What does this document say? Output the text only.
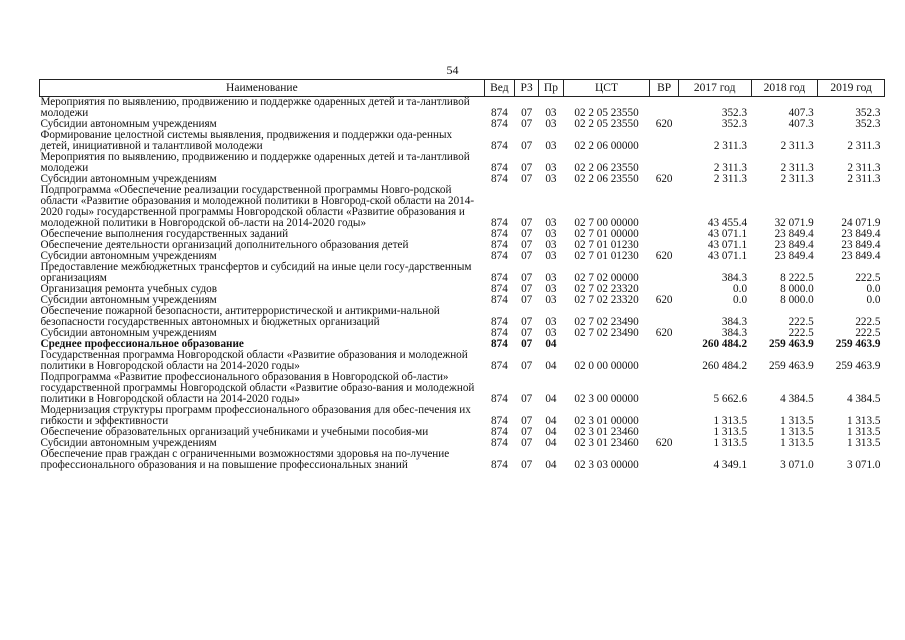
54
Наименование	Вед	РЗ	Пр	ЦСТ	ВР	2017 год	2018 год	2019 год
Мероприятия по выявлению, продвижению и поддержке одаренных детей и та-лантливой молодежи	874	07	03	02 2 05 23550		352.3	407.3	352.3
Субсидии автономным учреждениям	874	07	03	02 2 05 23550	620	352.3	407.3	352.3
Формирование целостной системы выявления, продвижения и поддержки ода-ренных детей, инициативной и талантливой молодежи	874	07	03	02 2 06 00000		2 311.3	2 311.3	2 311.3
Мероприятия по выявлению, продвижению и поддержке одаренных детей и та-лантливой молодежи	874	07	03	02 2 06 23550		2 311.3	2 311.3	2 311.3
Субсидии автономным учреждениям	874	07	03	02 2 06 23550	620	2 311.3	2 311.3	2 311.3
Подпрограмма «Обеспечение реализации государственной программы Новго-родской области «Развитие образования и молодежной политики в Новгород-ской области на 2014-2020 годы» государственной программы Новгородской области «Развитие образования и молодежной политики в Новгородской об-ласти на 2014-2020 годы»	874	07	03	02 7 00 00000		43 455.4	32 071.9	24 071.9
Обеспечение выполнения государственных заданий	874	07	03	02 7 01 00000		43 071.1	23 849.4	23 849.4
Обеспечение деятельности организаций дополнительного образования детей	874	07	03	02 7 01 01230		43 071.1	23 849.4	23 849.4
Субсидии автономным учреждениям	874	07	03	02 7 01 01230	620	43 071.1	23 849.4	23 849.4
Предоставление межбюджетных трансфертов и субсидий на иные цели госу-дарственным организациям	874	07	03	02 7 02 00000		384.3	8 222.5	222.5
Организация ремонта учебных судов	874	07	03	02 7 02 23320		0.0	8 000.0	0.0
Субсидии автономным учреждениям	874	07	03	02 7 02 23320	620	0.0	8 000.0	0.0
Обеспечение пожарной безопасности, антитеррористической и антикрими-нальной безопасности государственных автономных и бюджетных организаций	874	07	03	02 7 02 23490		384.3	222.5	222.5
Субсидии автономным учреждениям	874	07	03	02 7 02 23490	620	384.3	222.5	222.5
Среднее профессиональное образование	874	07	04			260 484.2	259 463.9	259 463.9
Государственная программа Новгородской области «Развитие образования и молодежной политики в Новгородской области на 2014-2020 годы»	874	07	04	02 0 00 00000		260 484.2	259 463.9	259 463.9
Подпрограмма «Развитие профессионального образования в Новгородской об-ласти» государственной программы Новгородской области «Развитие образо-вания и молодежной политики в Новгородской области на 2014-2020 годы»	874	07	04	02 3 00 00000		5 662.6	4 384.5	4 384.5
Модернизация структуры программ профессионального образования для обес-печения их гибкости и эффективности	874	07	04	02 3 01 00000		1 313.5	1 313.5	1 313.5
Обеспечение образовательных организаций учебниками и учебными пособия-ми	874	07	04	02 3 01 23460		1 313.5	1 313.5	1 313.5
Субсидии автономным учреждениям	874	07	04	02 3 01 23460	620	1 313.5	1 313.5	1 313.5
Обеспечение прав граждан с ограниченными возможностями здоровья на по-лучение профессионального образования и на повышение профессиональных знаний	874	07	04	02 3 03 00000		4 349.1	3 071.0	3 071.0
